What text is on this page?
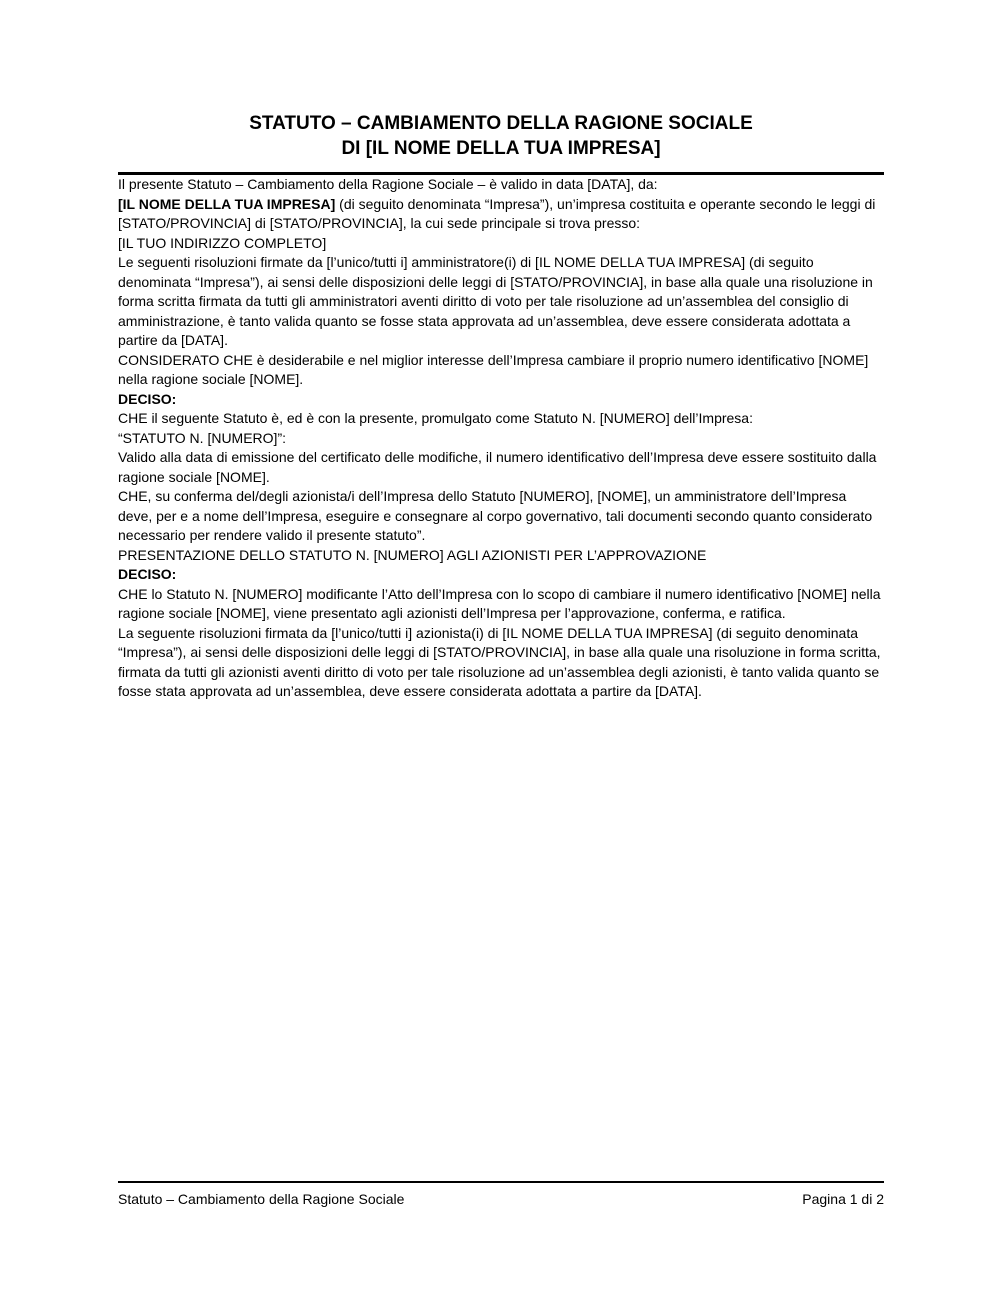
STATUTO – CAMBIAMENTO DELLA RAGIONE SOCIALE
DI [IL NOME DELLA TUA IMPRESA]

Il presente Statuto – Cambiamento della Ragione Sociale – è valido in data [DATA], da:

[IL NOME DELLA TUA IMPRESA] (di seguito denominata “Impresa”), un’impresa costituita e operante secondo le leggi di [STATO/PROVINCIA] di [STATO/PROVINCIA], la cui sede principale si trova presso:

[IL TUO INDIRIZZO COMPLETO]

Le seguenti risoluzioni firmate da [l’unico/tutti i] amministratore(i) di [IL NOME DELLA TUA IMPRESA] (di seguito denominata “Impresa”), ai sensi delle disposizioni delle leggi di [STATO/PROVINCIA], in base alla quale una risoluzione in forma scritta firmata da tutti gli amministratori aventi diritto di voto per tale risoluzione ad un’assemblea del consiglio di amministrazione, è tanto valida quanto se fosse stata approvata ad un’assemblea, deve essere considerata adottata a partire da [DATA].

CONSIDERATO CHE è desiderabile e nel miglior interesse dell’Impresa cambiare il proprio numero identificativo [NOME] nella ragione sociale [NOME].

DECISO:

CHE il seguente Statuto è, ed è con la presente, promulgato come Statuto N. [NUMERO] dell’Impresa:

“STATUTO N. [NUMERO]”:

Valido alla data di emissione del certificato delle modifiche, il numero identificativo dell’Impresa deve essere sostituito dalla ragione sociale [NOME].

CHE, su conferma del/degli azionista/i dell’Impresa dello Statuto [NUMERO], [NOME], un amministratore dell’Impresa deve, per e a nome dell’Impresa, eseguire e consegnare al corpo governativo, tali documenti secondo quanto considerato necessario per rendere valido il presente statuto”.

PRESENTAZIONE DELLO STATUTO N. [NUMERO] AGLI AZIONISTI PER L’APPROVAZIONE

DECISO:

CHE lo Statuto N. [NUMERO] modificante l’Atto dell’Impresa con lo scopo di cambiare il numero identificativo [NOME] nella ragione sociale [NOME], viene presentato agli azionisti dell’Impresa per l’approvazione, conferma, e ratifica.

La seguente risoluzioni firmata da [l’unico/tutti i] azionista(i) di [IL NOME DELLA TUA IMPRESA] (di seguito denominata “Impresa”), ai sensi delle disposizioni delle leggi di [STATO/PROVINCIA], in base alla quale una risoluzione in forma scritta, firmata da tutti gli azionisti aventi diritto di voto per tale risoluzione ad un’assemblea degli azionisti, è tanto valida quanto se fosse stata approvata ad un’assemblea, deve essere considerata adottata a partire da [DATA].

Statuto – Cambiamento della Ragione Sociale	Pagina 1 di 2
